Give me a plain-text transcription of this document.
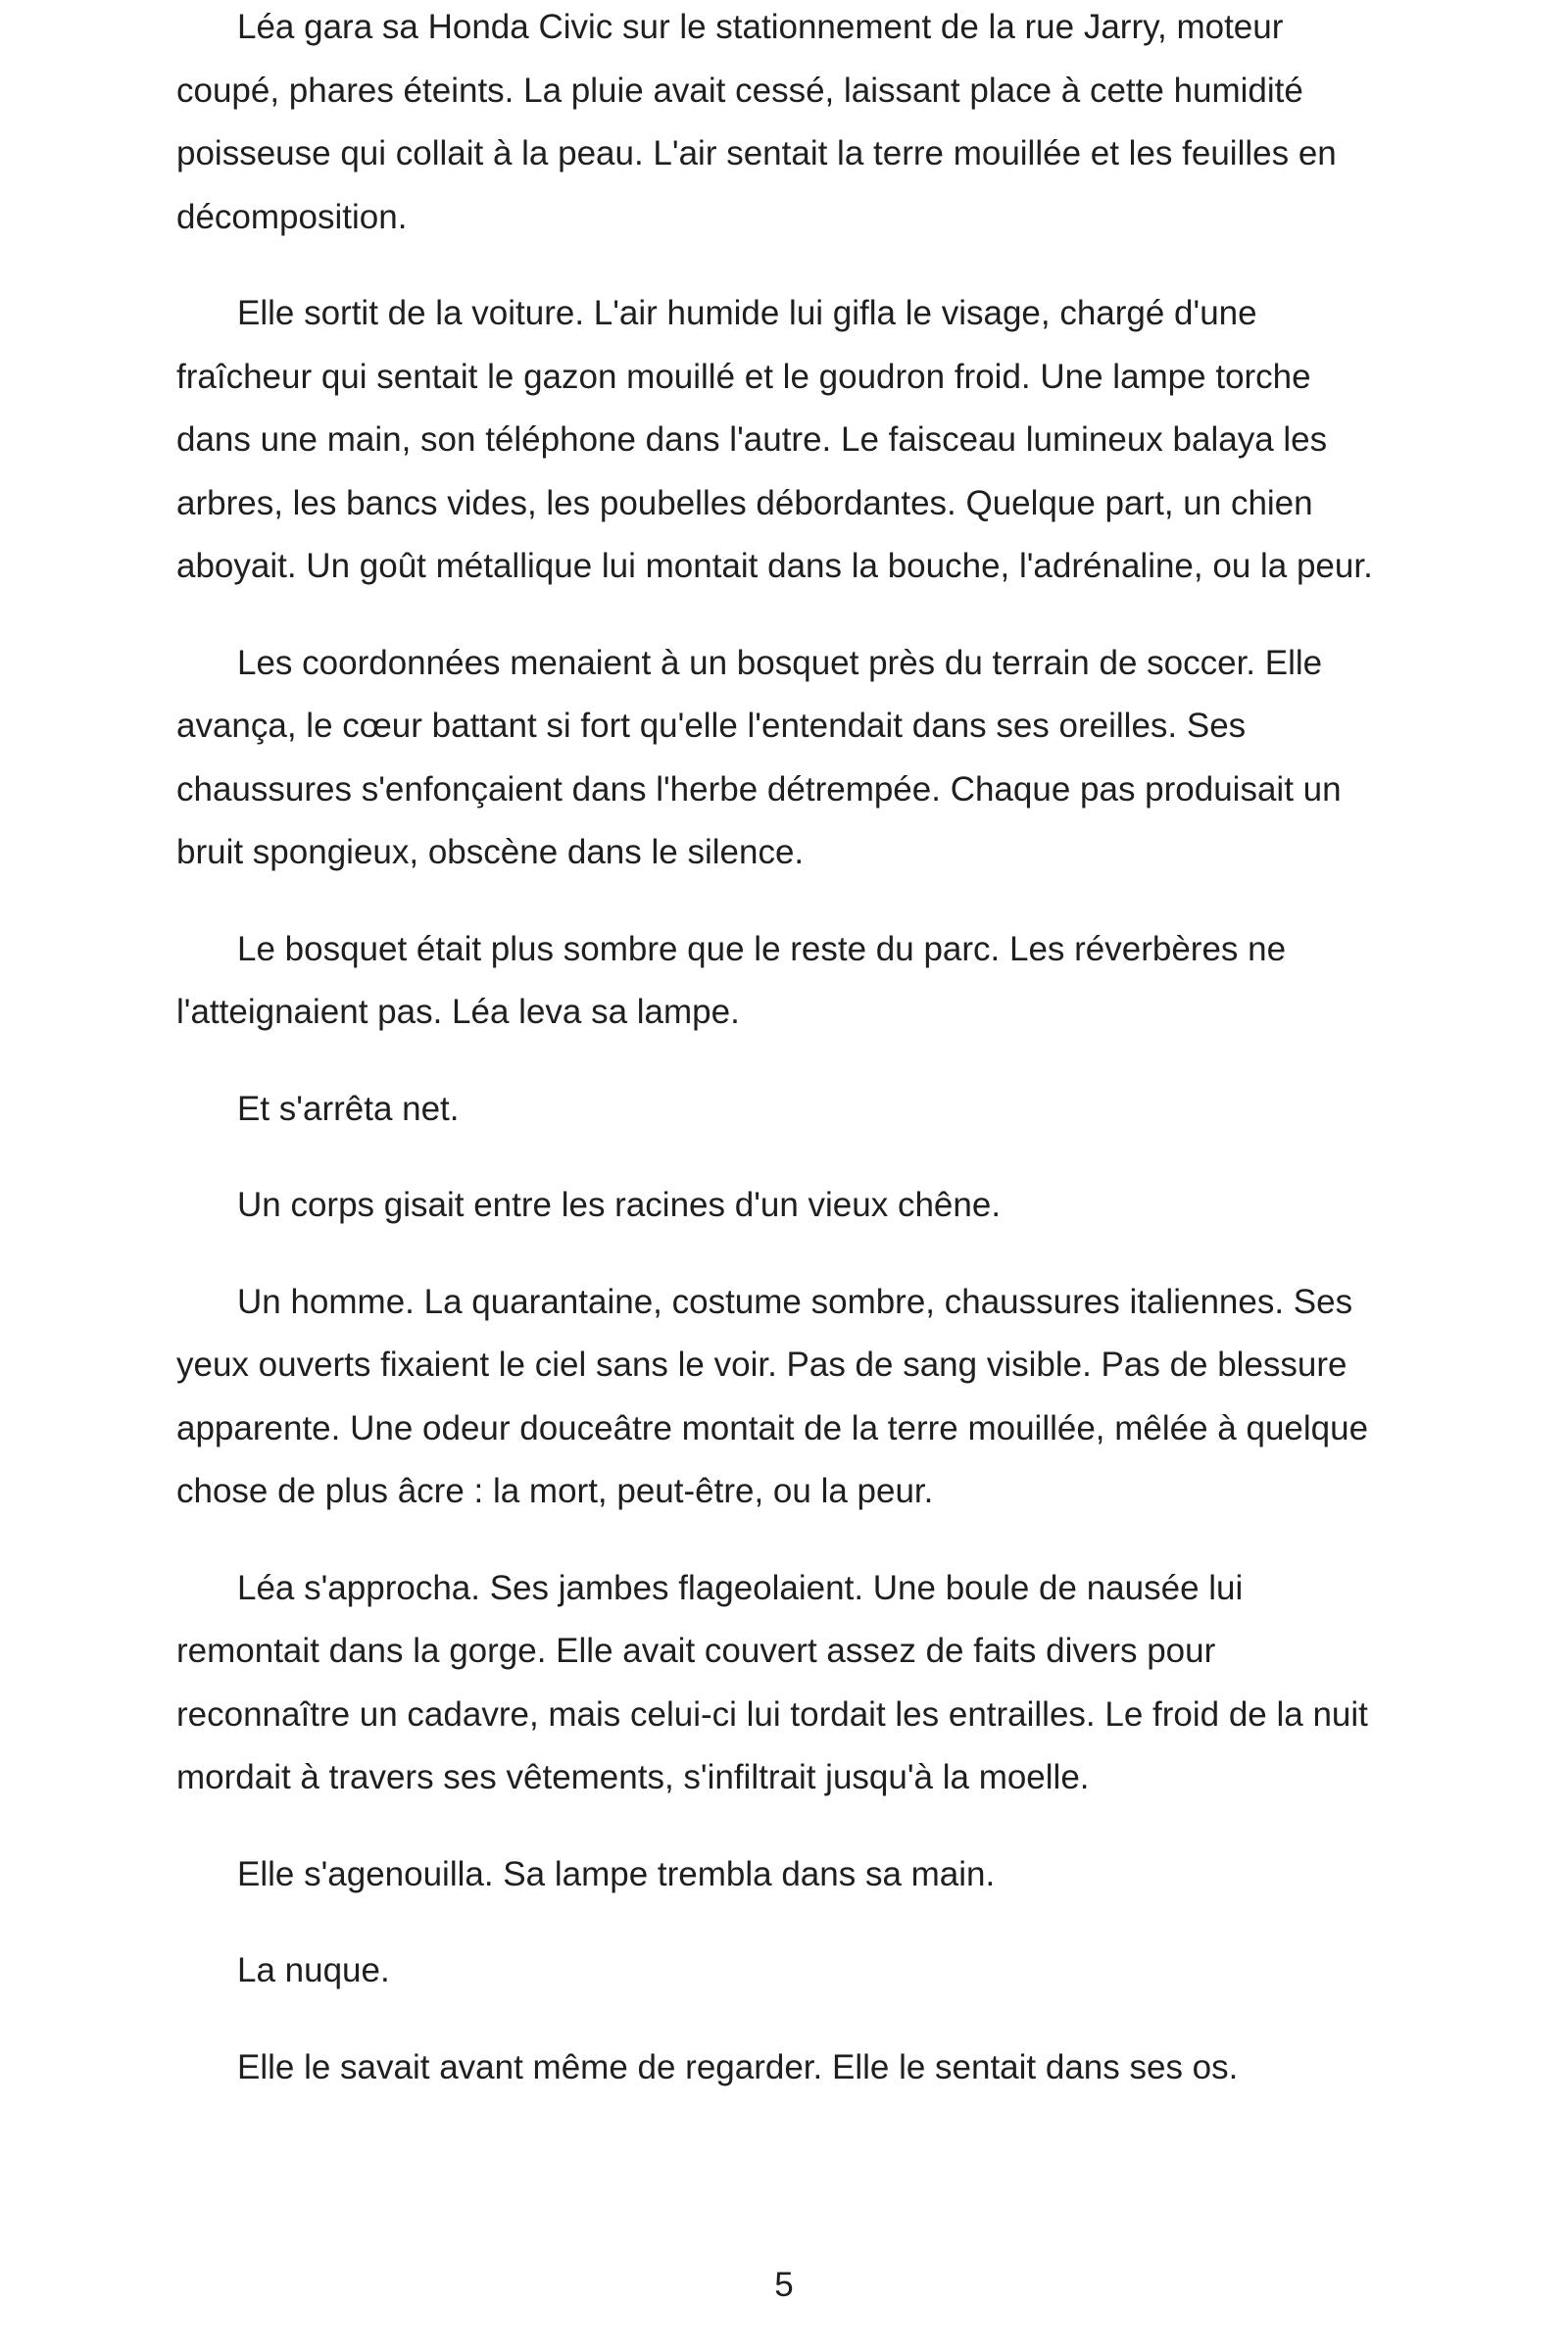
Léa gara sa Honda Civic sur le stationnement de la rue Jarry, moteur coupé, phares éteints. La pluie avait cessé, laissant place à cette humidité poisseuse qui collait à la peau. L'air sentait la terre mouillée et les feuilles en décomposition.

Elle sortit de la voiture. L'air humide lui gifla le visage, chargé d'une fraîcheur qui sentait le gazon mouillé et le goudron froid. Une lampe torche dans une main, son téléphone dans l'autre. Le faisceau lumineux balaya les arbres, les bancs vides, les poubelles débordantes. Quelque part, un chien aboyait. Un goût métallique lui montait dans la bouche, l'adrénaline, ou la peur.

Les coordonnées menaient à un bosquet près du terrain de soccer. Elle avança, le cœur battant si fort qu'elle l'entendait dans ses oreilles. Ses chaussures s'enfonçaient dans l'herbe détrempée. Chaque pas produisait un bruit spongieux, obscène dans le silence.

Le bosquet était plus sombre que le reste du parc. Les réverbères ne l'atteignaient pas. Léa leva sa lampe.

Et s'arrêta net.

Un corps gisait entre les racines d'un vieux chêne.

Un homme. La quarantaine, costume sombre, chaussures italiennes. Ses yeux ouverts fixaient le ciel sans le voir. Pas de sang visible. Pas de blessure apparente. Une odeur douceâtre montait de la terre mouillée, mêlée à quelque chose de plus âcre : la mort, peut-être, ou la peur.

Léa s'approcha. Ses jambes flageolaient. Une boule de nausée lui remontait dans la gorge. Elle avait couvert assez de faits divers pour reconnaître un cadavre, mais celui-ci lui tordait les entrailles. Le froid de la nuit mordait à travers ses vêtements, s'infiltrait jusqu'à la moelle.

Elle s'agenouilla. Sa lampe trembla dans sa main.

La nuque.

Elle le savait avant même de regarder. Elle le sentait dans ses os.

5
